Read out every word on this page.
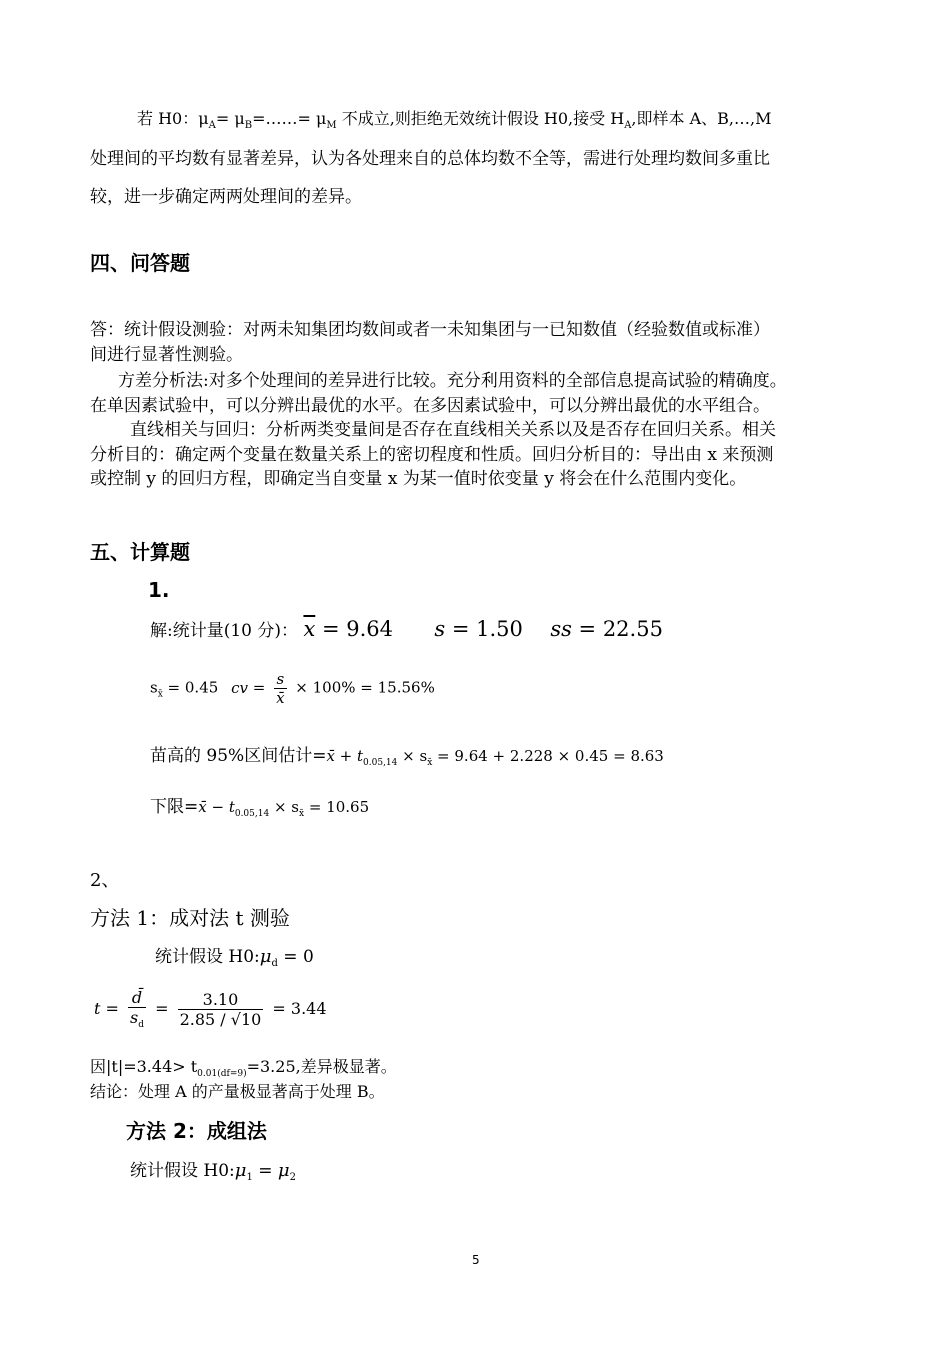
若 H0：$\mu_A=$ $\mu_B=\dots\dots= \mu_M$ 不成立,则拒绝无效统计假设 H0,接受 $H_A$,即样本 A、B,…,M
处理间的平均数有显著差异，认为各处理来自的总体均数不全等，需进行处理均数间多重比
较，进一步确定两两处理间的差异。
四、问答题
答：统计假设测验：对两未知集团均数间或者一未知集团与一已知数值（经验数值或标准）
间进行显著性测验。
方差分析法:对多个处理间的差异进行比较。充分利用资料的全部信息提高试验的精确度。
在单因素试验中，可以分辨出最优的水平。在多因素试验中，可以分辨出最优的水平组合。
直线相关与回归：分析两类变量间是否存在直线相关关系以及是否存在回归关系。相关
分析目的：确定两个变量在数量关系上的密切程度和性质。回归分析目的：导出由 x 来预测
或控制 y 的回归方程，即确定当自变量 x 为某一值时依变量 y 将会在什么范围内变化。
五、计算题
1.
解:统计量(10 分)： $\overline{x} = 9.64$ s = 1.50 ss = 22.55
$s_{x̄} = 0.45$ cv = $\frac{s}{x̄} \times 100\% = 15.56\%$
苗高的 95%区间估计=x̄ + $t_{0.05,14} \times s_{x̄} = 9.64 + 2.228 \times 0.45 = 8.63$
下限=x̄ − $t_{0.05,14} \times s_{x̄} = 10.65$
2、
方法 1：成对法 t 测验
统计假设 $H0:\mu_d = 0$
$t = \frac{d̄}{s_d} = \frac{3.10}{2.85 / √10} = 3.44$
因$|t|=3.44> t_{0.01(df=9)}=3.25$,差异极显著。
结论：处理 A 的产量极显著高于处理 B。
方法 2：成组法
统计假设 $H0:\mu_1 = \mu_2$
5
